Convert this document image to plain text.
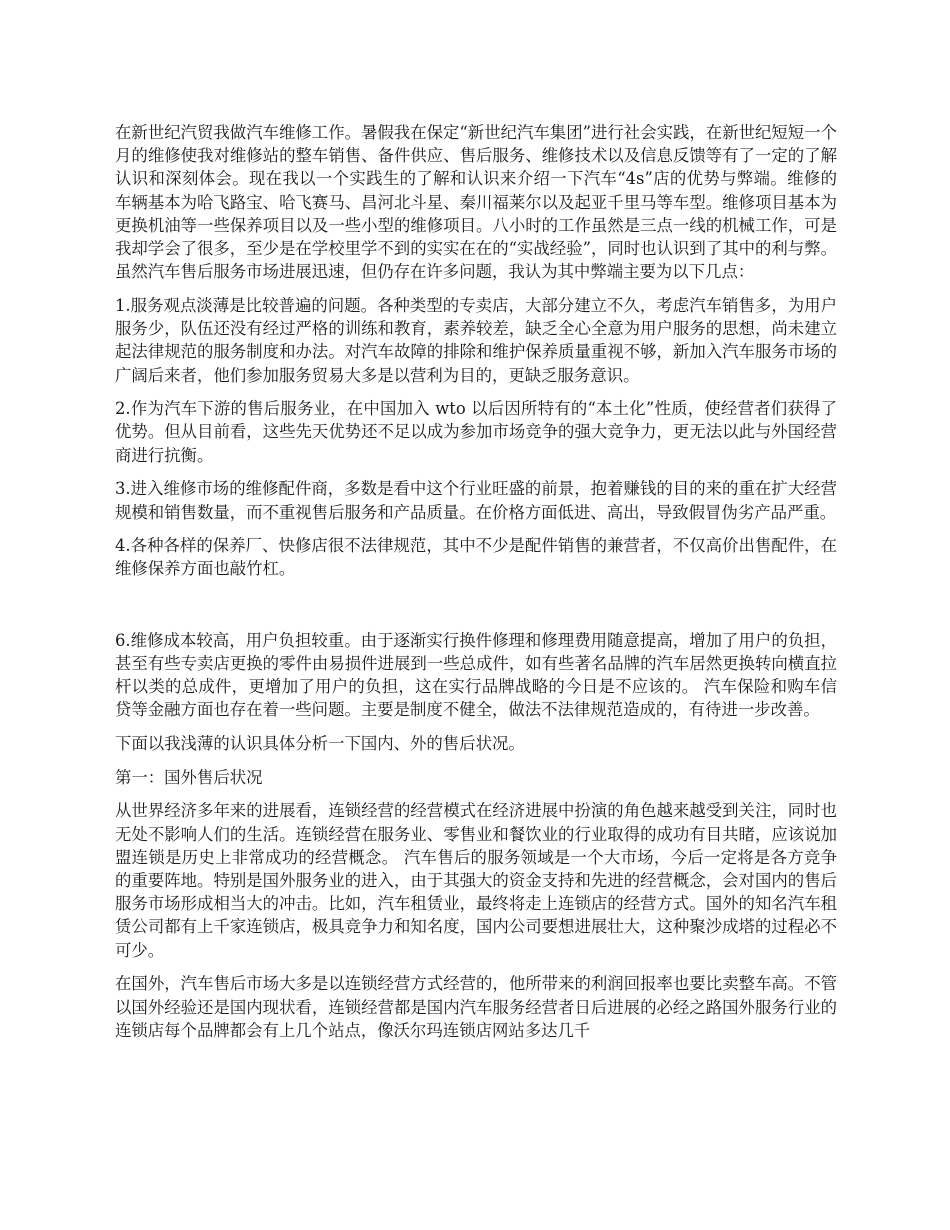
在新世纪汽贸我做汽车维修工作。暑假我在保定“新世纪汽车集团”进行社会实践，在新世纪短短一个月的维修使我对维修站的整车销售、备件供应、售后服务、维修技术以及信息反馈等有了一定的了解认识和深刻体会。现在我以一个实践生的了解和认识来介绍一下汽车“4s”店的优势与弊端。维修的车辆基本为哈飞路宝、哈飞赛马、昌河北斗星、秦川福莱尔以及起亚千里马等车型。维修项目基本为更换机油等一些保养项目以及一些小型的维修项目。八小时的工作虽然是三点一线的机械工作，可是我却学会了很多，至少是在学校里学不到的实实在在的“实战经验”，同时也认识到了其中的利与弊。虽然汽车售后服务市场进展迅速，但仍存在许多问题，我认为其中弊端主要为以下几点：

1.服务观点淡薄是比较普遍的问题。各种类型的专卖店，大部分建立不久，考虑汽车销售多，为用户服务少，队伍还没有经过严格的训练和教育，素养较差，缺乏全心全意为用户服务的思想，尚未建立起法律规范的服务制度和办法。对汽车故障的排除和维护保养质量重视不够，新加入汽车服务市场的广阔后来者，他们参加服务贸易大多是以营利为目的，更缺乏服务意识。

2.作为汽车下游的售后服务业，在中国加入 wto 以后因所特有的“本土化”性质，使经营者们获得了优势。但从目前看，这些先天优势还不足以成为参加市场竞争的强大竞争力，更无法以此与外国经营商进行抗衡。

3.进入维修市场的维修配件商，多数是看中这个行业旺盛的前景，抱着赚钱的目的来的重在扩大经营规模和销售数量，而不重视售后服务和产品质量。在价格方面低进、高出，导致假冒伪劣产品严重。

4.各种各样的保养厂、快修店很不法律规范，其中不少是配件销售的兼营者，不仅高价出售配件，在维修保养方面也敲竹杠。

6.维修成本较高，用户负担较重。由于逐渐实行换件修理和修理费用随意提高，增加了用户的负担，甚至有些专卖店更换的零件由易损件进展到一些总成件，如有些著名品牌的汽车居然更换转向横直拉杆以类的总成件，更增加了用户的负担，这在实行品牌战略的今日是不应该的。 汽车保险和购车信贷等金融方面也存在着一些问题。主要是制度不健全，做法不法律规范造成的，有待进一步改善。

下面以我浅薄的认识具体分析一下国内、外的售后状况。

第一：国外售后状况

从世界经济多年来的进展看，连锁经营的经营模式在经济进展中扮演的角色越来越受到关注，同时也无处不影响人们的生活。连锁经营在服务业、零售业和餐饮业的行业取得的成功有目共睹，应该说加盟连锁是历史上非常成功的经营概念。 汽车售后的服务领域是一个大市场，今后一定将是各方竞争的重要阵地。特别是国外服务业的进入，由于其强大的资金支持和先进的经营概念，会对国内的售后服务市场形成相当大的冲击。比如，汽车租赁业，最终将走上连锁店的经营方式。国外的知名汽车租赁公司都有上千家连锁店，极具竞争力和知名度，国内公司要想进展壮大，这种聚沙成塔的过程必不可少。

在国外，汽车售后市场大多是以连锁经营方式经营的，他所带来的利润回报率也要比卖整车高。不管以国外经验还是国内现状看，连锁经营都是国内汽车服务经营者日后进展的必经之路国外服务行业的连锁店每个品牌都会有上几个站点，像沃尔玛连锁店网站多达几千
